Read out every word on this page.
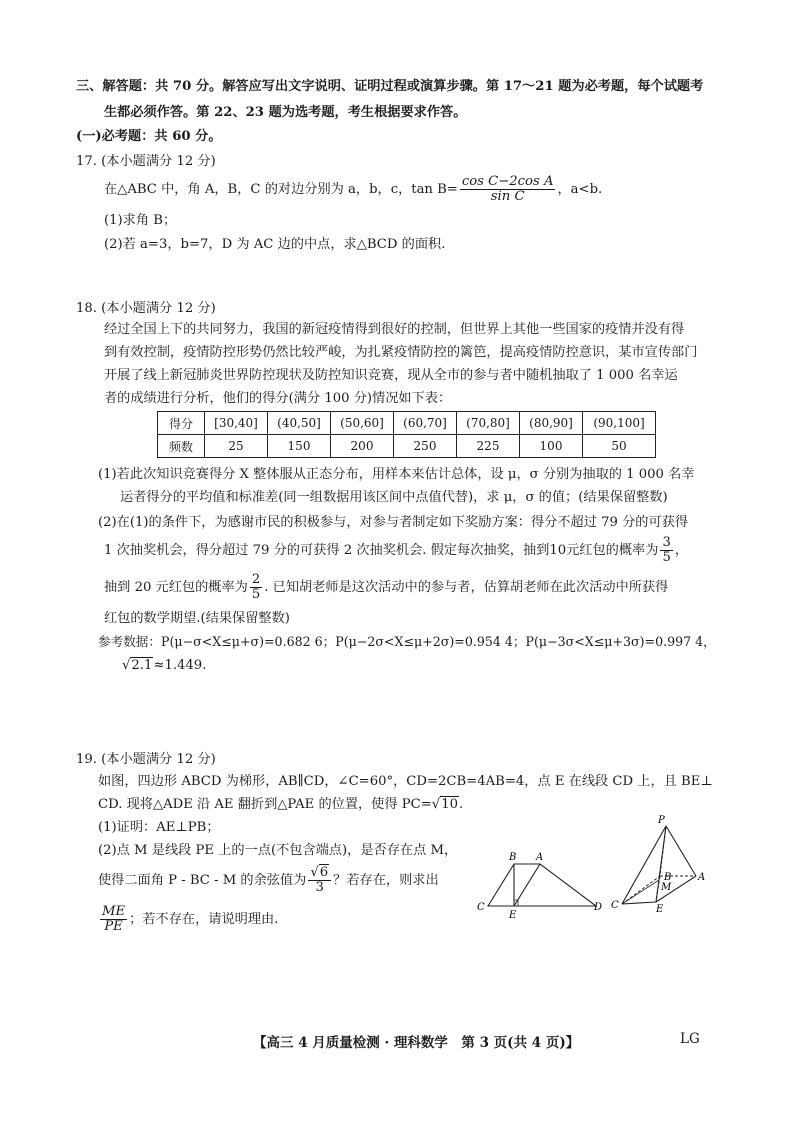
三、解答题：共 70 分。解答应写出文字说明、证明过程或演算步骤。第 17～21 题为必考题，每个试题考
生都必须作答。第 22、23 题为选考题，考生根据要求作答。
(一)必考题：共 60 分。
17. (本小题满分 12 分)
在△ABC 中，角 A，B，C 的对边分别为 a，b，c，$\tan B= \frac{\text{cos C−2cos A}}{\text{sin C}}$ ，a<b.
(1)求角 B；
(2)若 a=3，b=7，D 为 AC 边的中点，求△BCD 的面积.
18. (本小题满分 12 分)
经过全国上下的共同努力，我国的新冠疫情得到很好的控制，但世界上其他一些国家的疫情并没有得
到有效控制，疫情防控形势仍然比较严峻，为扎紧疫情防控的篱笆，提高疫情防控意识，某市宣传部门
开展了线上新冠肺炎世界防控现状及防控知识竞赛，现从全市的参与者中随机抽取了 1 000 名幸运
者的成绩进行分析，他们的得分(满分 100 分)情况如下表：
得分	[30,40]	(40,50]	(50,60]	(60,70]	(70,80]	(80,90]	(90,100]
频数	25	150	200	250	225	100	50
(1)若此次知识竞赛得分 X 整体服从正态分布，用样本来估计总体，设 μ，σ 分别为抽取的 1 000 名幸
运者得分的平均值和标准差(同一组数据用该区间中点值代替)，求 μ，σ 的值；(结果保留整数)
(2)在(1)的条件下，为感谢市民的积极参与，对参与者制定如下奖励方案：得分不超过 79 分的可获得
1 次抽奖机会，得分超过 79 分的可获得 2 次抽奖机会. 假定每次抽奖，抽到10元红包的概率为 $\frac{3}{5}$ ，
抽到 20 元红包的概率为 $\frac{2}{5}$ . 已知胡老师是这次活动中的参与者，估算胡老师在此次活动中所获得
红包的数学期望.(结果保留整数)
参考数据：P(μ−σ<X≤μ+σ)=0.682 6；P(μ−2σ<X≤μ+2σ)=0.954 4；P(μ−3σ<X≤μ+3σ)=0.997 4，
√2.1≈1.449.
19. (本小题满分 12 分)
如图，四边形 ABCD 为梯形，AB∥CD，∠C=60°，CD=2CB=4AB=4，点 E 在线段 CD 上，且 BE⊥
CD. 现将△ADE 沿 AE 翻折到△PAE 的位置，使得 PC=√10.
(1)证明：AE⊥PB；
(2)点 M 是线段 PE 上的一点(不包含端点)，是否存在点 M，
使得二面角 P - BC - M 的余弦值为 $\frac{√6}{3}$ ？若存在，则求出
$\frac{ME}{PE}$ ；若不存在，请说明理由.
B A
C
E
D
P
B
M
A
C	E
【高三 4 月质量检测 · 理科数学　第 3 页(共 4 页)】	LG
